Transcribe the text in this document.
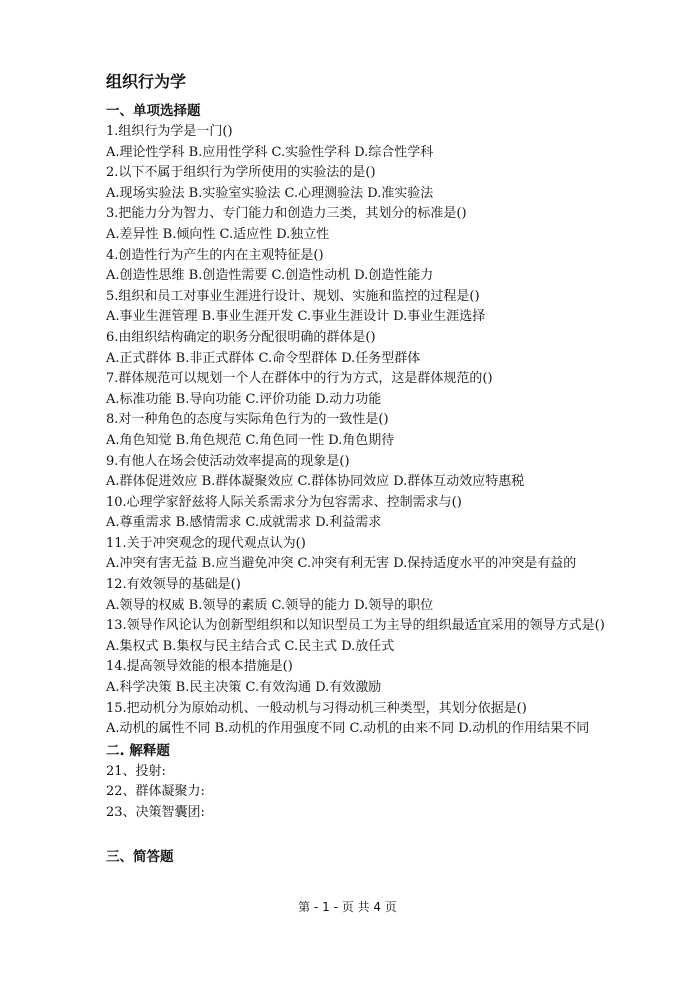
组织行为学
一、单项选择题
1.组织行为学是一门()
A.理论性学科 B.应用性学科 C.实验性学科 D.综合性学科
2.以下不属于组织行为学所使用的实验法的是()
A.现场实验法 B.实验室实验法 C.心理测验法 D.准实验法
3.把能力分为智力、专门能力和创造力三类，其划分的标准是()
A.差异性 B.倾向性 C.适应性 D.独立性
4.创造性行为产生的内在主观特征是()
A.创造性思维 B.创造性需要 C.创造性动机 D.创造性能力
5.组织和员工对事业生涯进行设计、规划、实施和监控的过程是()
A.事业生涯管理 B.事业生涯开发 C.事业生涯设计 D.事业生涯选择
6.由组织结构确定的职务分配很明确的群体是()
A.正式群体 B.非正式群体 C.命令型群体 D.任务型群体
7.群体规范可以规划一个人在群体中的行为方式，这是群体规范的()
A.标准功能 B.导向功能 C.评价功能 D.动力功能
8.对一种角色的态度与实际角色行为的一致性是()
A.角色知觉 B.角色规范 C.角色同一性 D.角色期待
9.有他人在场会使活动效率提高的现象是()
A.群体促进效应 B.群体凝聚效应 C.群体协同效应 D.群体互动效应特惠税
10.心理学家舒兹将人际关系需求分为包容需求、控制需求与()
A.尊重需求 B.感情需求 C.成就需求 D.利益需求
11.关于冲突观念的现代观点认为()
A.冲突有害无益 B.应当避免冲突 C.冲突有利无害 D.保持适度水平的冲突是有益的
12.有效领导的基础是()
A.领导的权威 B.领导的素质 C.领导的能力 D.领导的职位
13.领导作风论认为创新型组织和以知识型员工为主导的组织最适宜采用的领导方式是()
A.集权式 B.集权与民主结合式 C.民主式 D.放任式
14.提高领导效能的根本措施是()
A.科学决策 B.民主决策 C.有效沟通 D.有效激励
15.把动机分为原始动机、一般动机与习得动机三种类型，其划分依据是()
A.动机的属性不同 B.动机的作用强度不同 C.动机的由来不同 D.动机的作用结果不同
二. 解释题
21、投射:
22、群体凝聚力:
23、决策智囊团:
三、简答题
第 - 1 - 页 共 4 页
